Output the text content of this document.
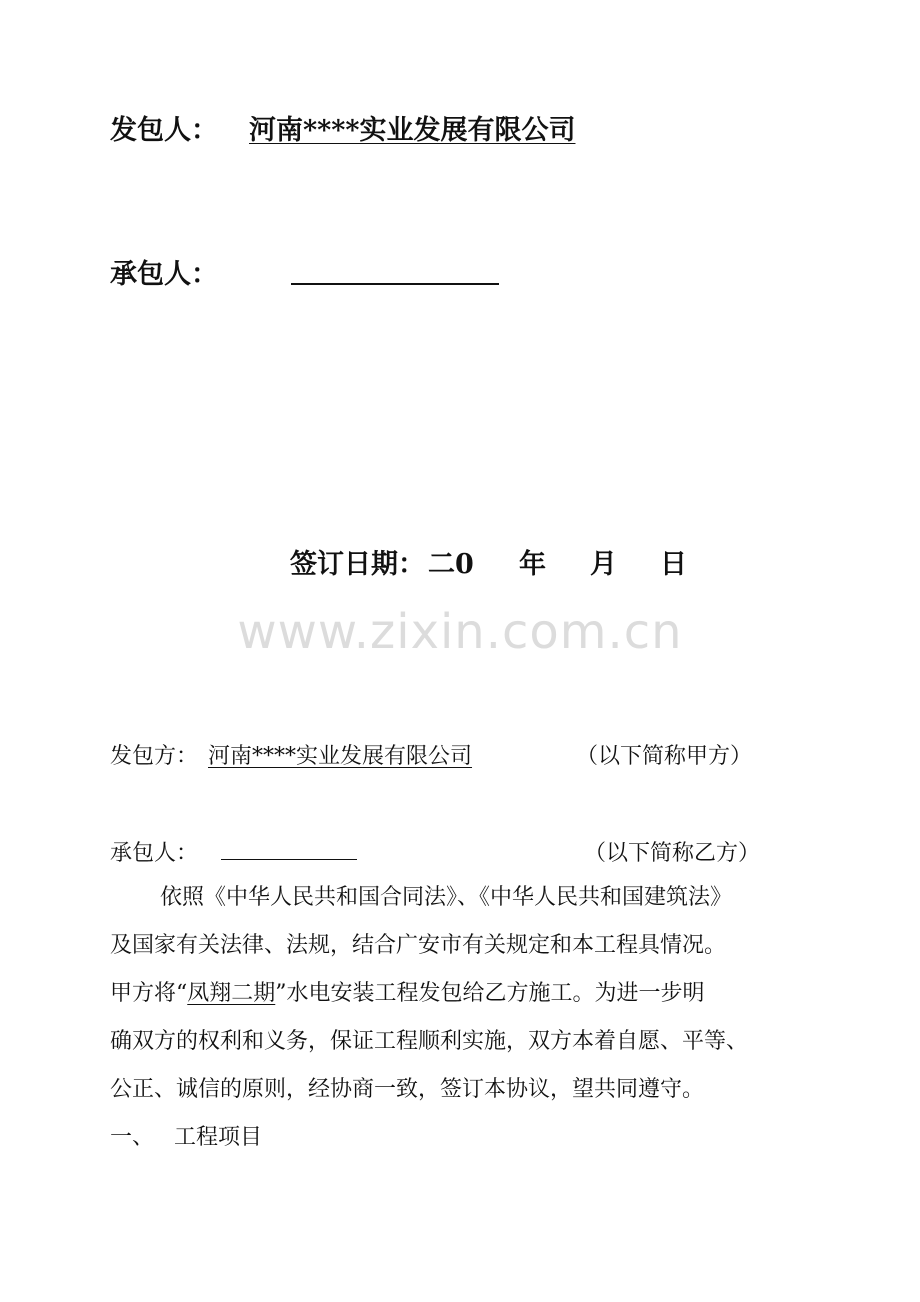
发包人： 河南****实业发展有限公司
承包人：
签订日期： 二0 年 月 日
www.zixin.com.cn
发包方： 河南****实业发展有限公司	（以下简称甲方）
承包人：	（以下简称乙方）
依照《中华人民共和国合同法》、《中华人民共和国建筑法》
及国家有关法律、法规，结合广安市有关规定和本工程具情况。
甲方将“凤翔二期”水电安装工程发包给乙方施工。为进一步明
确双方的权利和义务，保证工程顺利实施，双方本着自愿、平等、
公正、诚信的原则，经协商一致，签订本协议，望共同遵守。
一、 工程项目
